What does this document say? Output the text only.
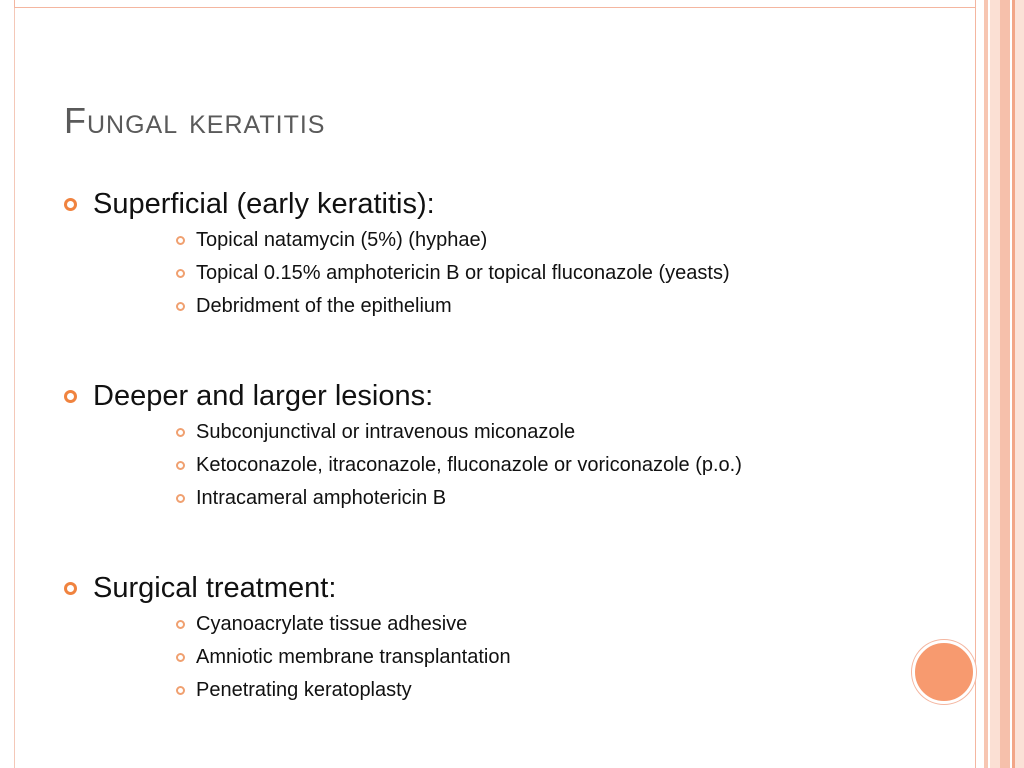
Fungal keratitis
Superficial (early keratitis):
Topical natamycin (5%) (hyphae)
Topical 0.15% amphotericin B or topical fluconazole (yeasts)
Debridment of the epithelium
Deeper and larger lesions:
Subconjunctival or intravenous miconazole
Ketoconazole, itraconazole, fluconazole or voriconazole (p.o.)
Intracameral amphotericin B
Surgical treatment:
Cyanoacrylate tissue adhesive
Amniotic membrane transplantation
Penetrating keratoplasty
